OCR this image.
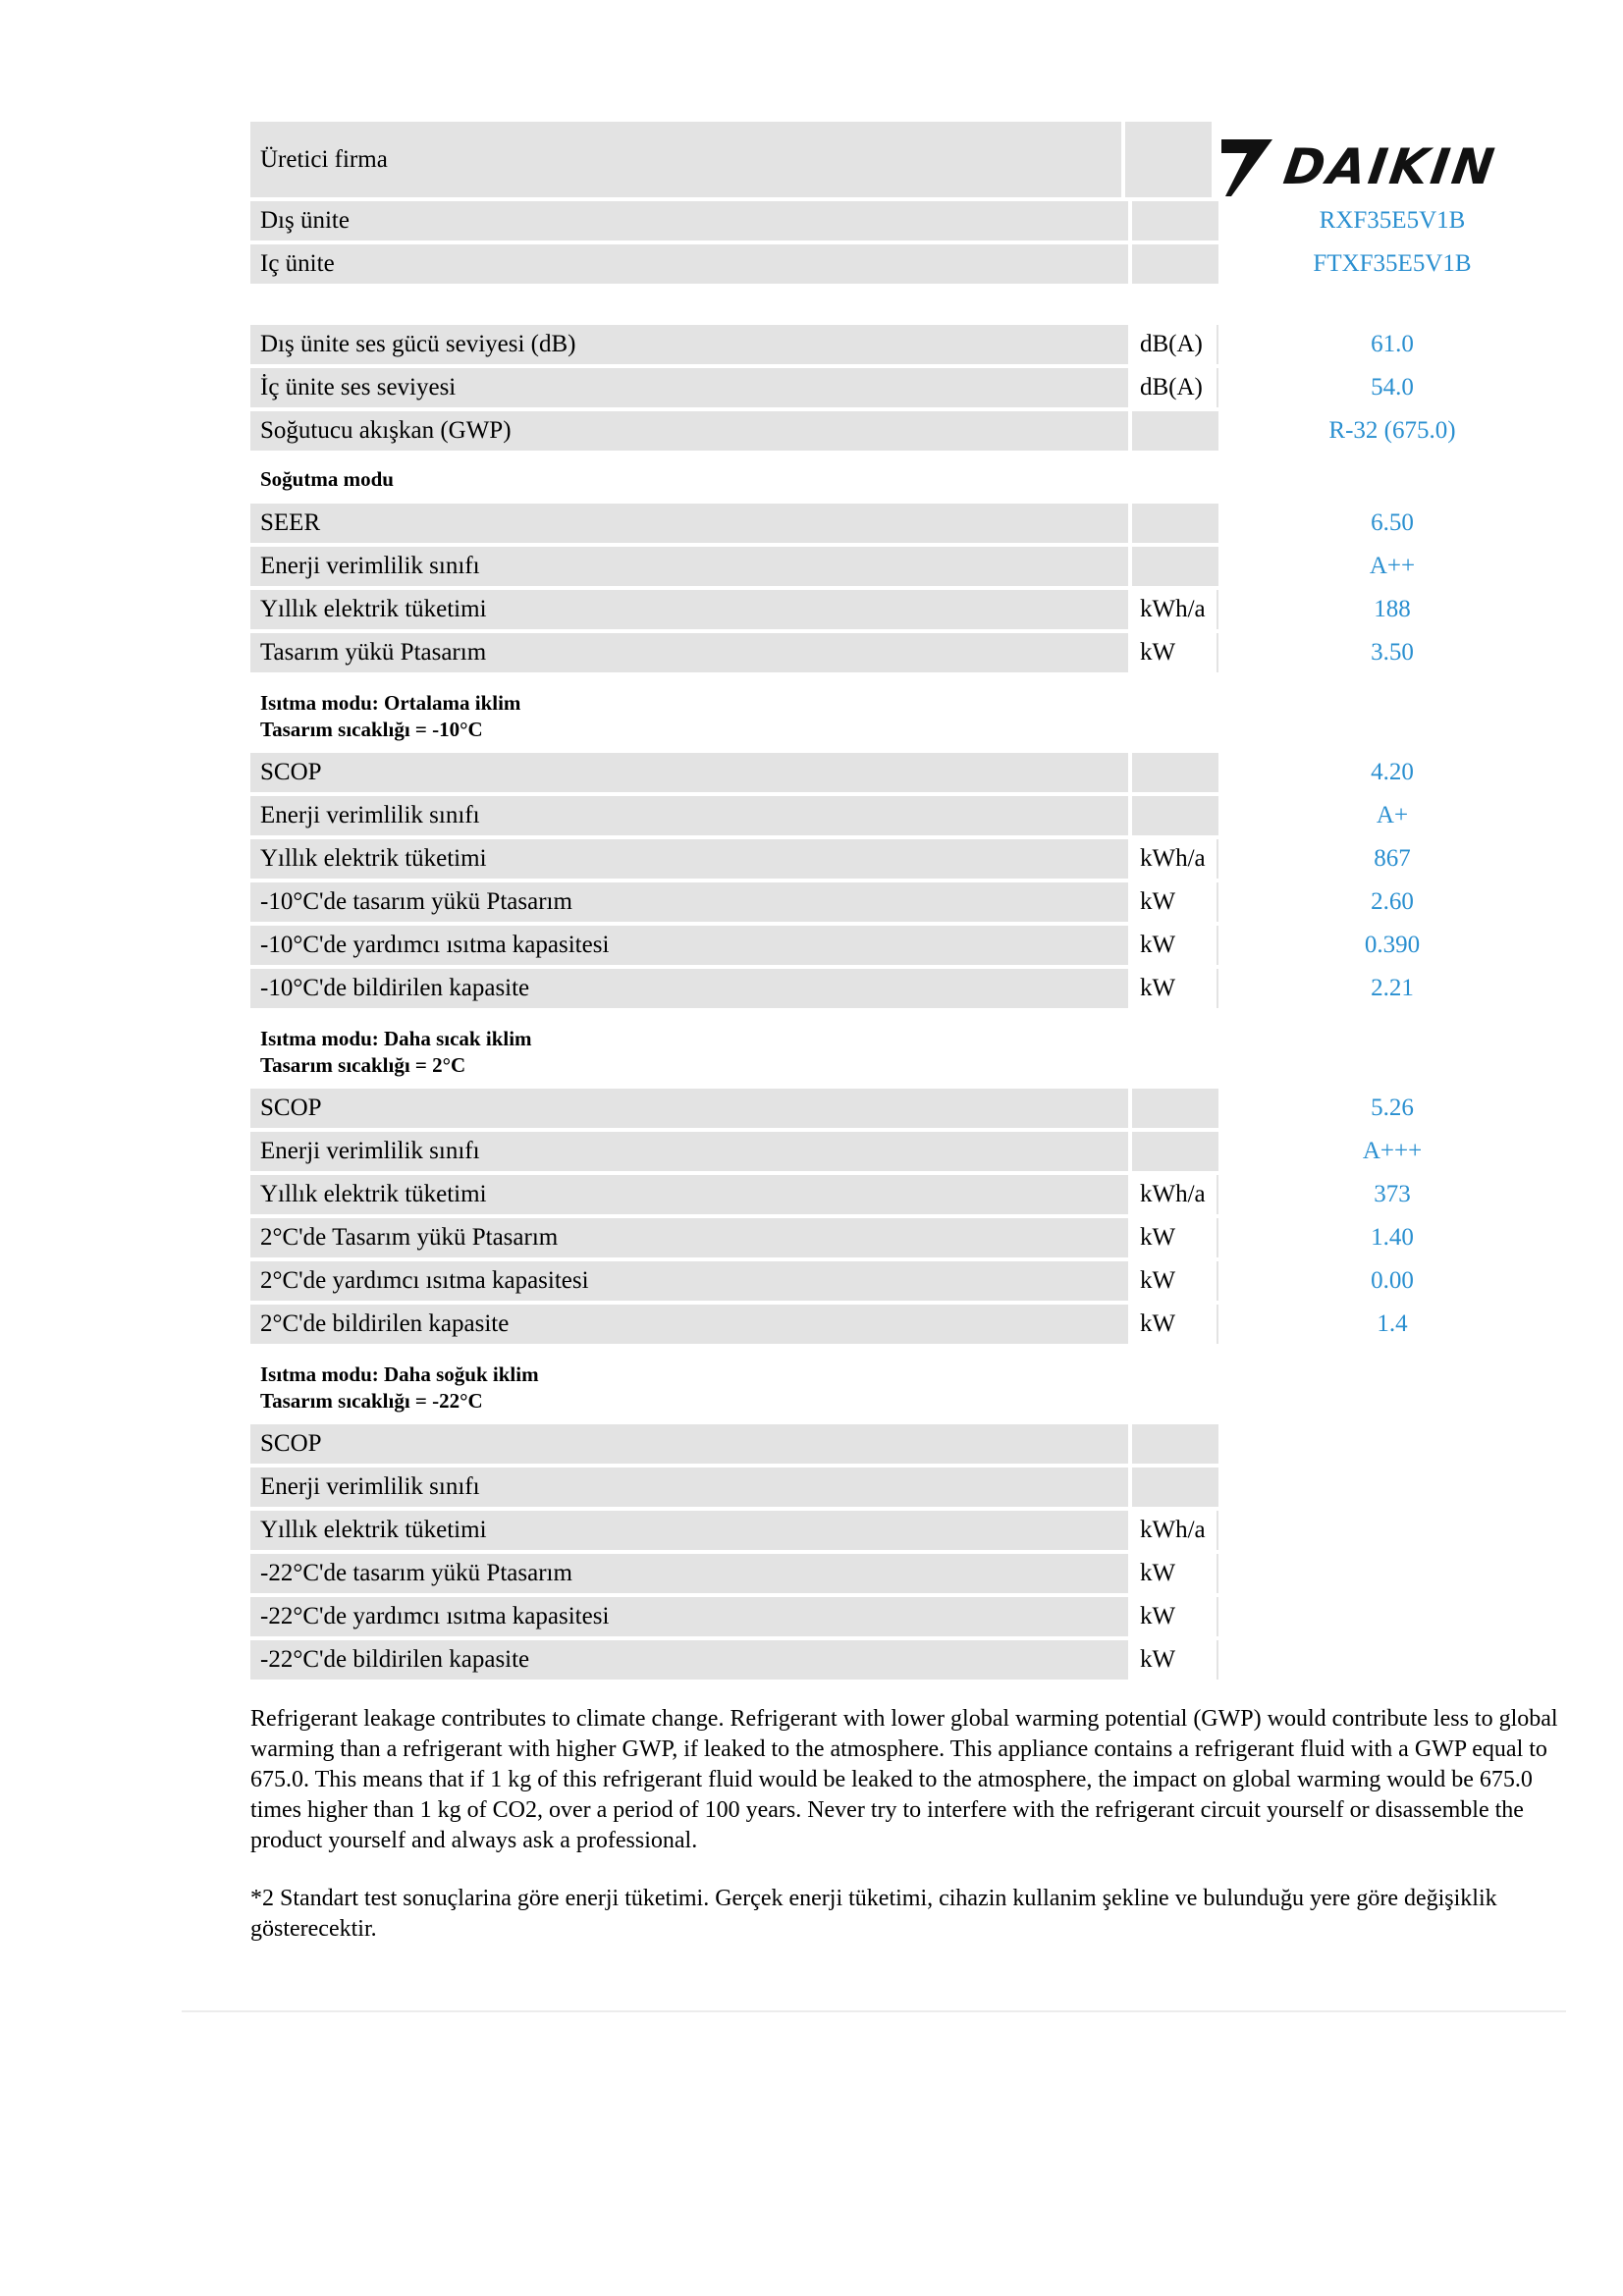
Üretici firma	DAIKIN
Dış ünite	RXF35E5V1B
Iç ünite	FTXF35E5V1B
Dış ünite ses gücü seviyesi (dB)	dB(A)	61.0
İç ünite ses seviyesi	dB(A)	54.0
Soğutucu akışkan (GWP)	R-32 (675.0)
Soğutma modu
SEER	6.50
Enerji verimlilik sınıfı	A++
Yıllık elektrik tüketimi	kWh/a	188
Tasarım yükü Ptasarım	kW	3.50
Isıtma modu: Ortalama iklim
Tasarım sıcaklığı = -10°C
SCOP	4.20
Enerji verimlilik sınıfı	A+
Yıllık elektrik tüketimi	kWh/a	867
-10°C'de tasarım yükü Ptasarım	kW	2.60
-10°C'de yardımcı ısıtma kapasitesi	kW	0.390
-10°C'de bildirilen kapasite	kW	2.21
Isıtma modu: Daha sıcak iklim
Tasarım sıcaklığı = 2°C
SCOP	5.26
Enerji verimlilik sınıfı	A+++
Yıllık elektrik tüketimi	kWh/a	373
2°C'de Tasarım yükü Ptasarım	kW	1.40
2°C'de yardımcı ısıtma kapasitesi	kW	0.00
2°C'de bildirilen kapasite	kW	1.4
Isıtma modu: Daha soğuk iklim
Tasarım sıcaklığı = -22°C
SCOP
Enerji verimlilik sınıfı
Yıllık elektrik tüketimi	kWh/a
-22°C'de tasarım yükü Ptasarım	kW
-22°C'de yardımcı ısıtma kapasitesi	kW
-22°C'de bildirilen kapasite	kW
Refrigerant leakage contributes to climate change. Refrigerant with lower global warming potential (GWP) would contribute less to global warming than a refrigerant with higher GWP, if leaked to the atmosphere. This appliance contains a refrigerant fluid with a GWP equal to 675.0. This means that if 1 kg of this refrigerant fluid would be leaked to the atmosphere, the impact on global warming would be 675.0 times higher than 1 kg of CO2, over a period of 100 years. Never try to interfere with the refrigerant circuit yourself or disassemble the product yourself and always ask a professional.
*2 Standart test sonuçlarina göre enerji tüketimi. Gerçek enerji tüketimi, cihazin kullanim şekline ve bulunduğu yere göre değişiklik gösterecektir.
